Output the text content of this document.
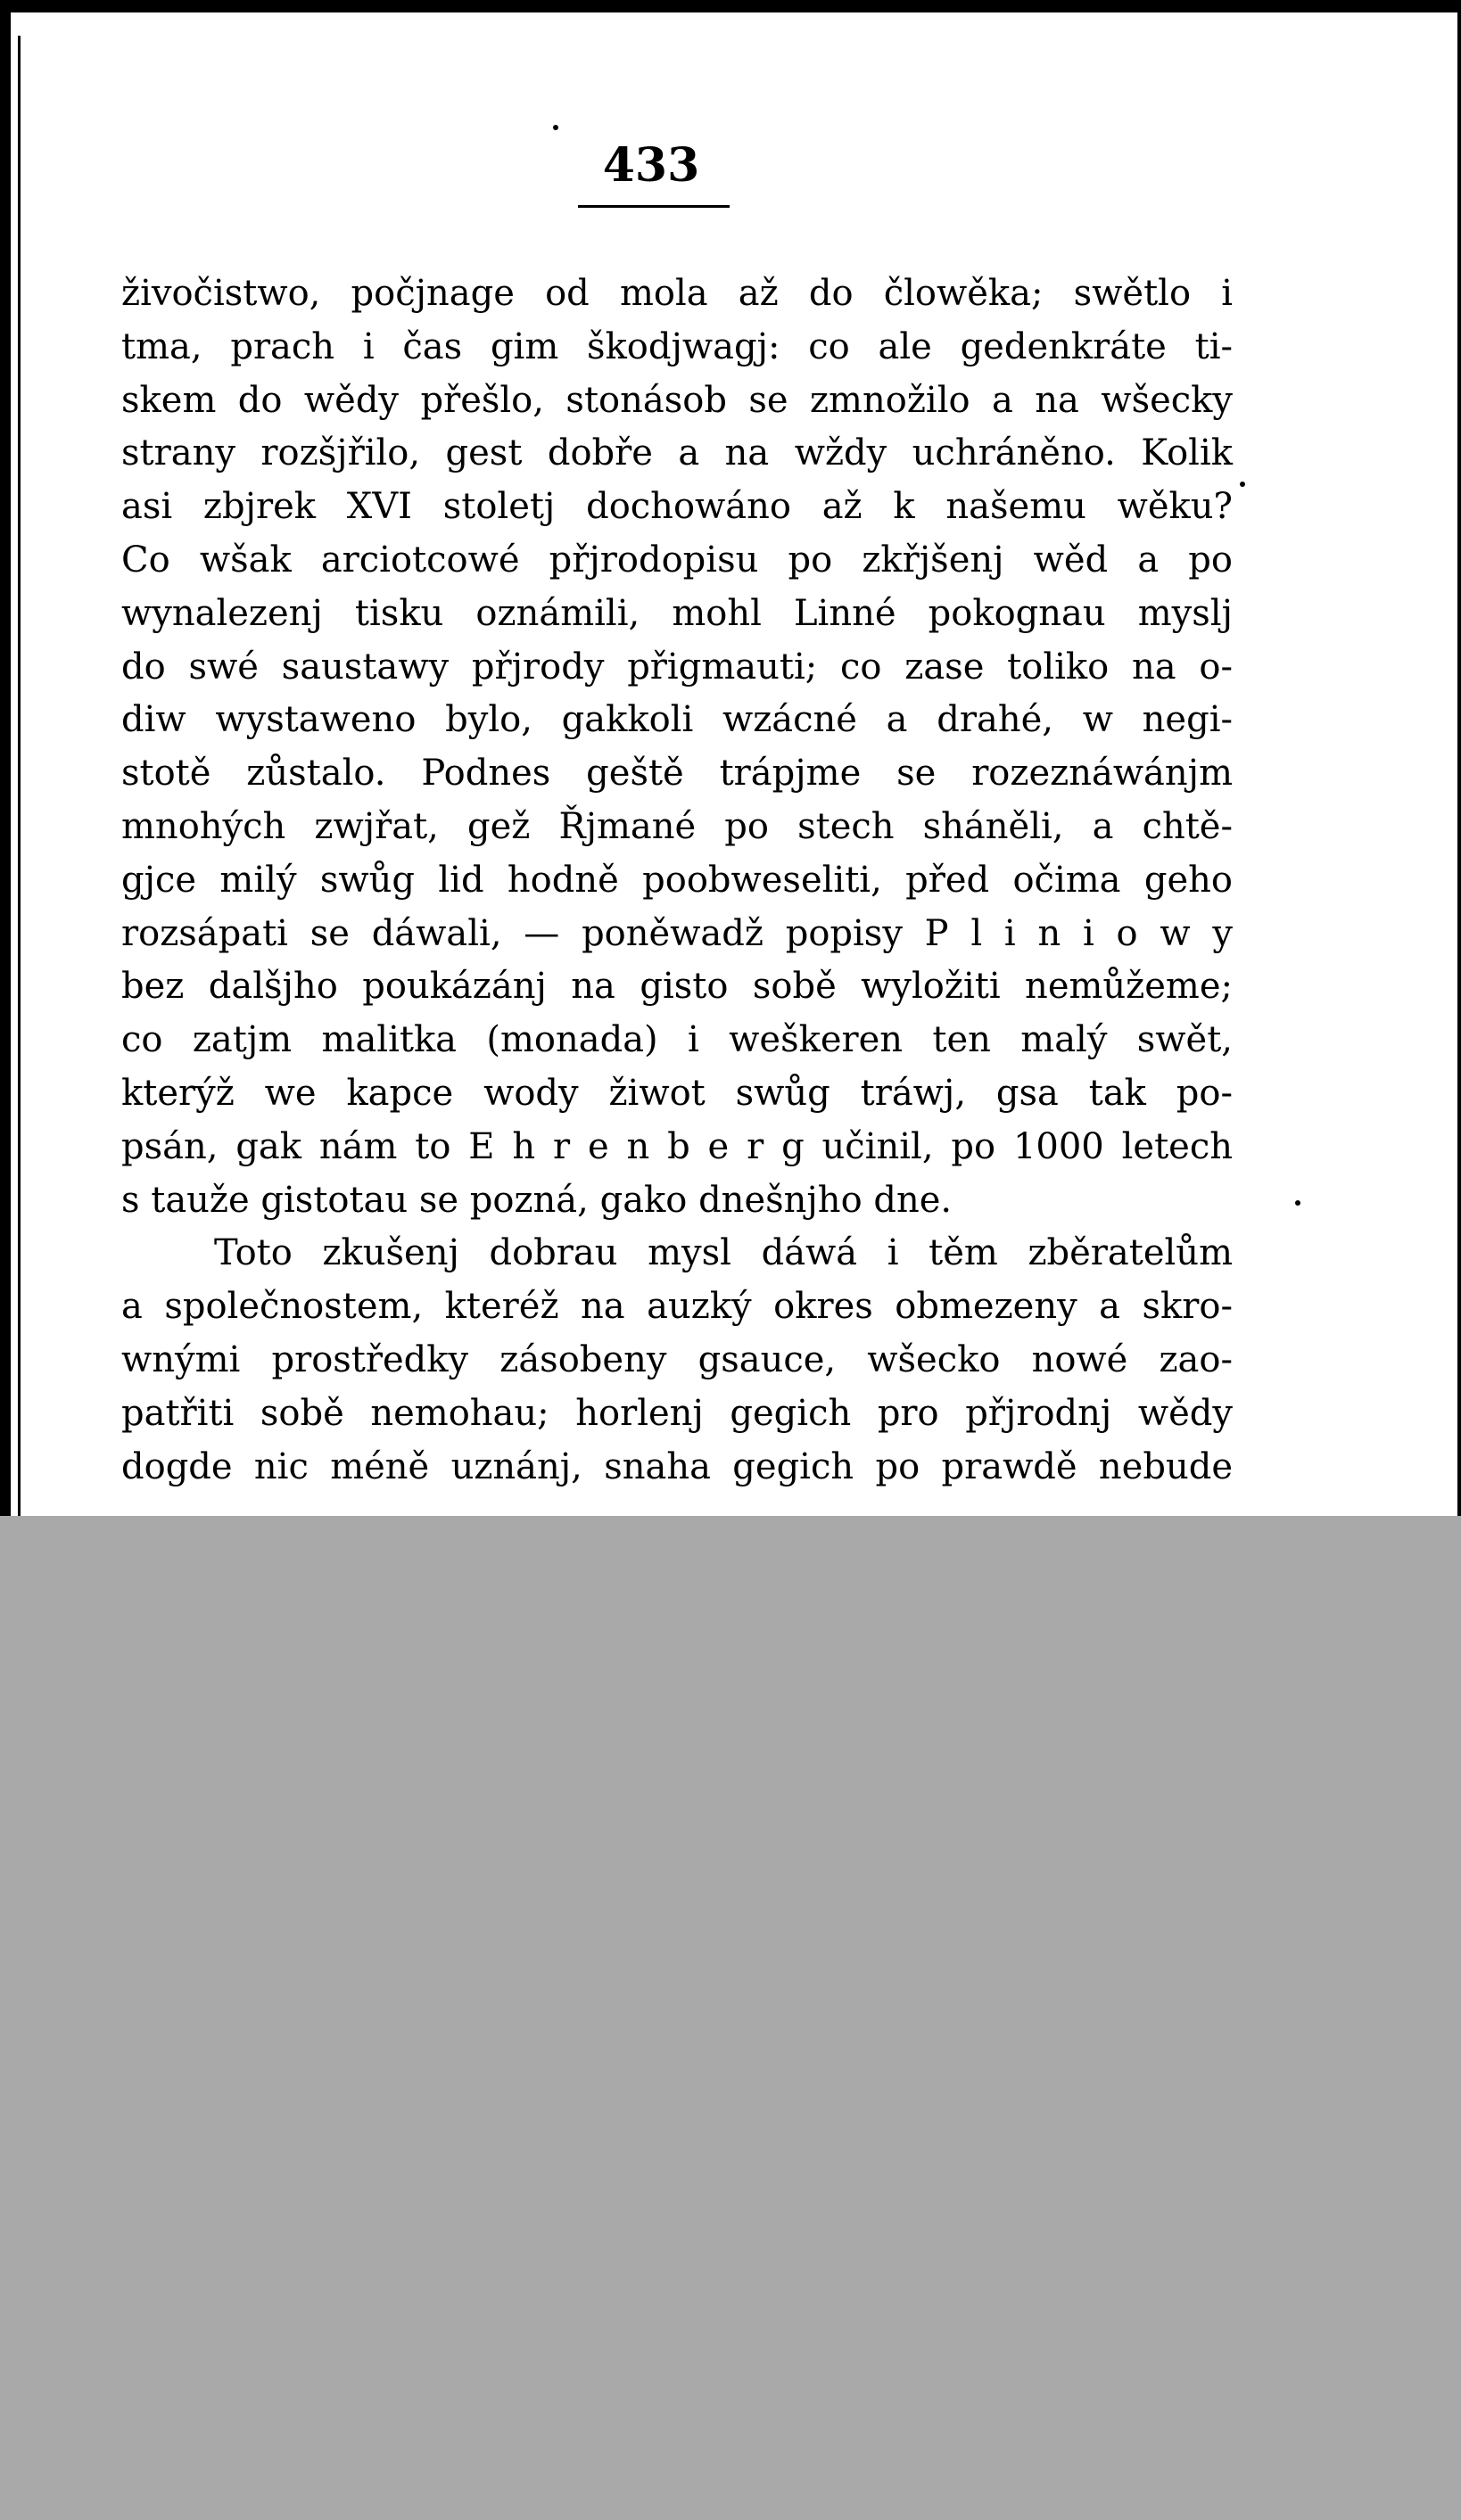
433
živočistwo, počjnage od mola až do člowěka; swětlo i
tma, prach i čas gim škodjwagj: co ale gedenkráte ti-
skem do wědy přešlo, stonásob se zmnožilo a na wšecky
strany rozšjřilo, gest dobře a na wždy uchráněno. Kolik
asi zbjrek XVI stoletj dochowáno až k našemu wěku?
Co wšak arciotcowé přjrodopisu po zkřjšenj wěd a po
wynalezenj tisku oznámili, mohl Linné pokognau myslj
do swé saustawy přjrody přigmauti; co zase toliko na o-
diw wystaweno bylo, gakkoli wzácné a drahé, w negi-
stotě zůstalo. Podnes geště trápjme se rozeznáwánjm
mnohých zwjřat, gež Řjmané po stech sháněli, a chtě-
gjce milý swůg lid hodně poobweseliti, před očima geho
rozsápati se dáwali, — poněwadž popisy P l i n i o w y
bez dalšjho poukázánj na gisto sobě wyložiti nemůžeme;
co zatjm malitka (monada) i weškeren ten malý swět,
kterýž we kapce wody žiwot swůg tráwj, gsa tak po-
psán, gak nám to E h r e n b e r g učinil, po 1000 letech
s tauže gistotau se pozná, gako dnešnjho dne.
Toto zkušenj dobrau mysl dáwá i těm zběratelům
a společnostem, kteréž na auzký okres obmezeny a skro-
wnými prostředky zásobeny gsauce, wšecko nowé zao-
patřiti sobě nemohau; horlenj gegich pro přjrodnj wědy
dogde nic méně uznánj, snaha gegich po prawdě nebude
